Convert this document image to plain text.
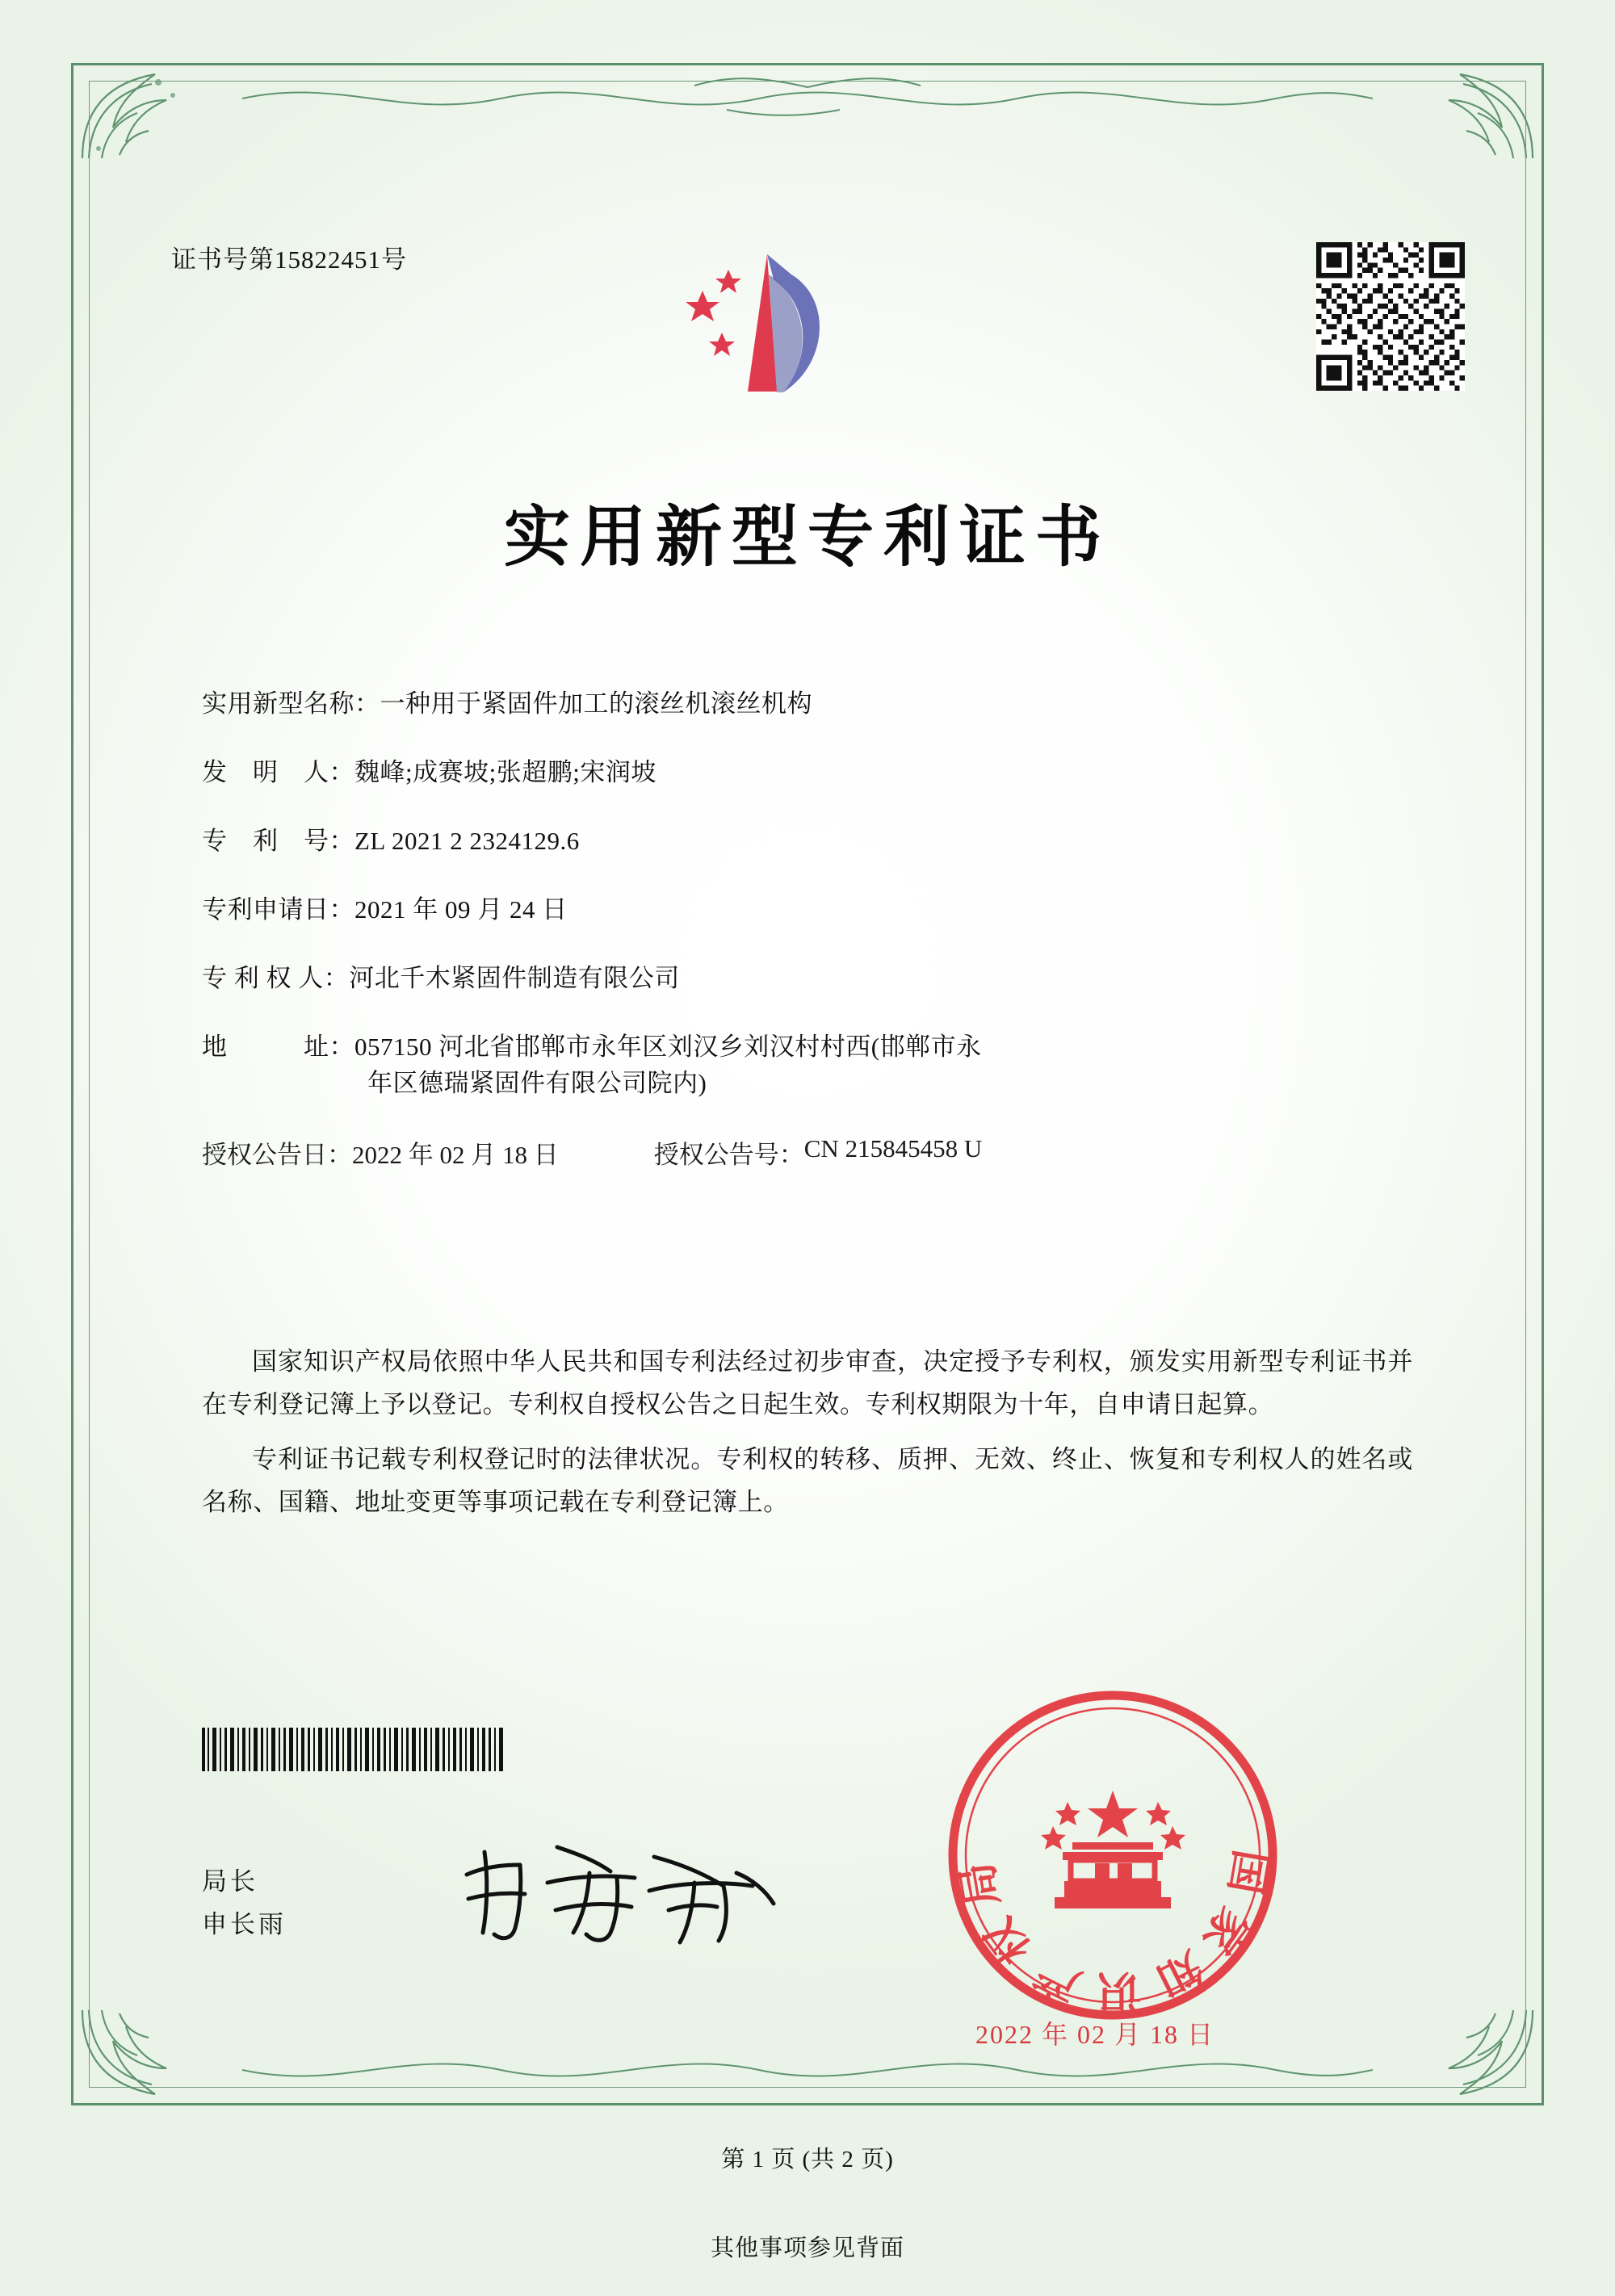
证书号第15822451号
实用新型专利证书
实用新型名称： 一种用于紧固件加工的滚丝机滚丝机构
发　明　人： 魏峰;成赛坡;张超鹏;宋润坡
专　利　号： ZL 2021 2 2324129.6
专利申请日： 2021 年 09 月 24 日
专 利 权 人： 河北千木紧固件制造有限公司
地　　　址： 057150 河北省邯郸市永年区刘汉乡刘汉村村西(邯郸市永
年区德瑞紧固件有限公司院内)
授权公告日： 2022 年 02 月 18 日	授权公告号： CN 215845458 U

国家知识产权局依照中华人民共和国专利法经过初步审查，决定授予专利权，颁发实用新型专利证书并在专利登记簿上予以登记。专利权自授权公告之日起生效。专利权期限为十年，自申请日起算。

专利证书记载专利权登记时的法律状况。专利权的转移、质押、无效、终止、恢复和专利权人的姓名或名称、国籍、地址变更等事项记载在专利登记簿上。

局长
申长雨
国家知识产权局
2022 年 02 月 18 日
第 1 页 (共 2 页)
其他事项参见背面
